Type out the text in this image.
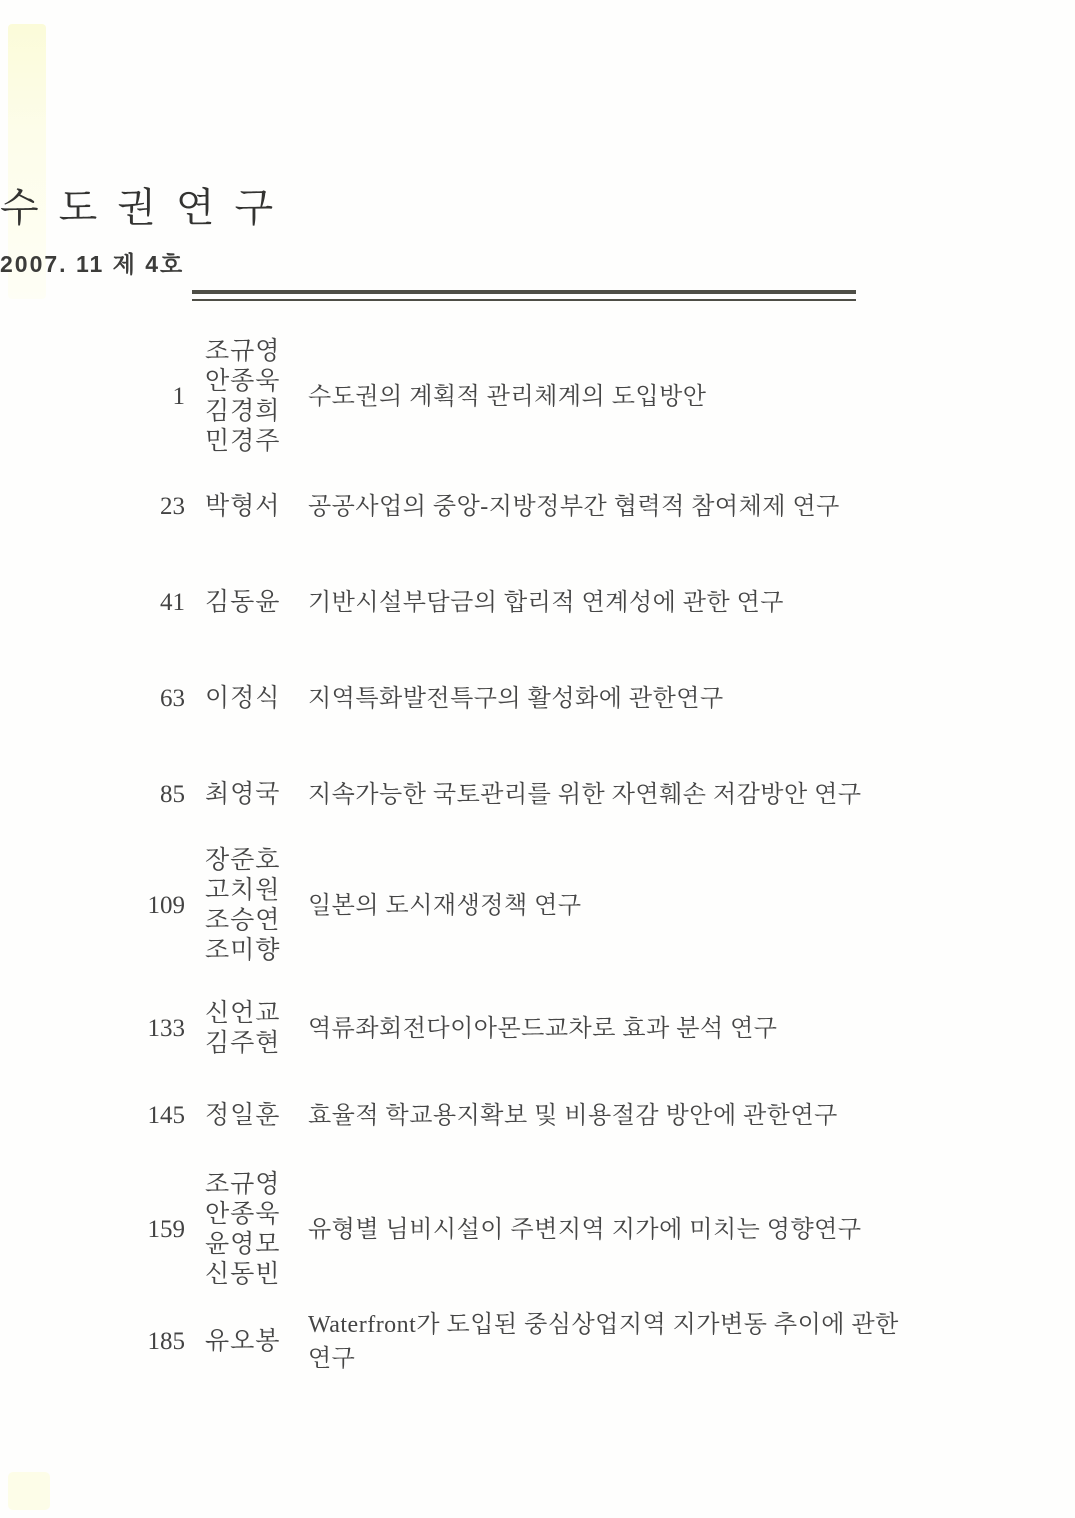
수 도 권 연 구
2007. 11 제 4호
1
조규영
안종욱
김경희
민경주
수도권의 계획적 관리체계의 도입방안
23 박형서 공공사업의 중앙-지방정부간 협력적 참여체제 연구
41 김동윤 기반시설부담금의 합리적 연계성에 관한 연구
63 이정식 지역특화발전특구의 활성화에 관한연구
85 최영국 지속가능한 국토관리를 위한 자연훼손 저감방안 연구
109
장준호
고치원
조승연
조미향
일본의 도시재생정책 연구
133
신언교
김주현
역류좌회전다이아몬드교차로 효과 분석 연구
145 정일훈 효율적 학교용지확보 및 비용절감 방안에 관한연구
159
조규영
안종욱
윤영모
신동빈
유형별 님비시설이 주변지역 지가에 미치는 영향연구
185 유오봉
Waterfront가 도입된 중심상업지역 지가변동 추이에 관한 연구
